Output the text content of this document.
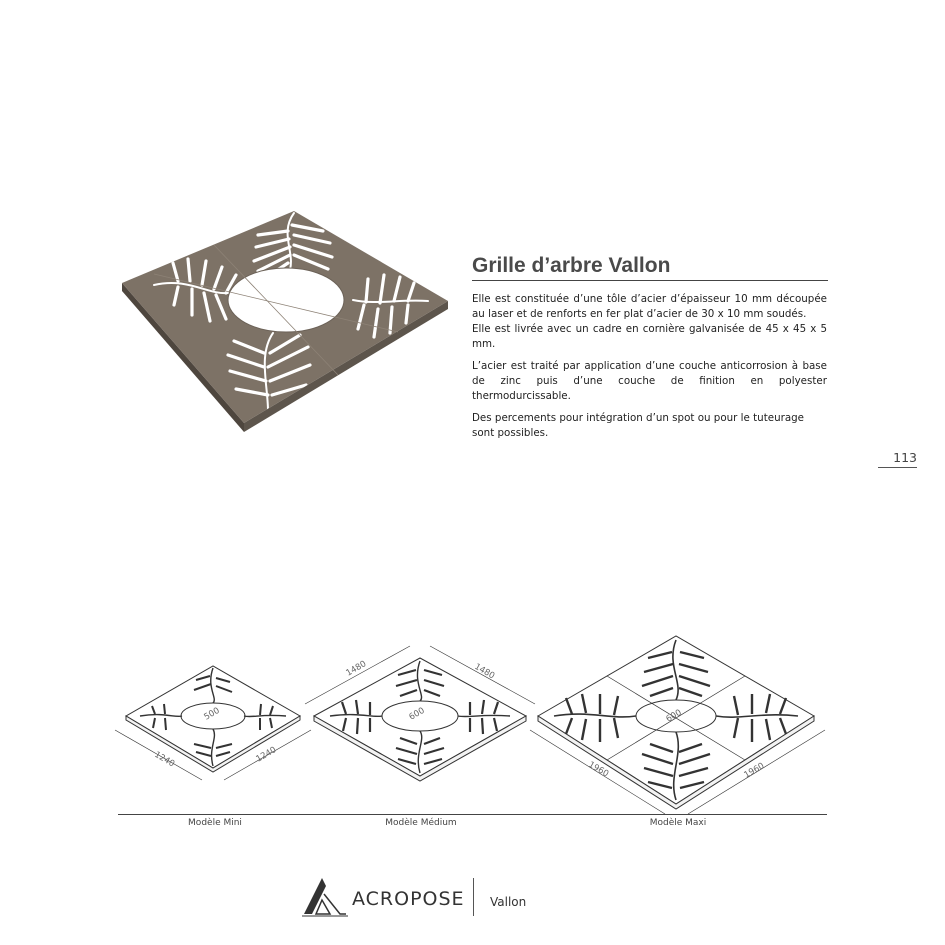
Grille d’arbre Vallon

Elle est constituée d’une tôle d’acier d’épaisseur 10 mm découpée au laser et de renforts en fer plat d’acier de 30 x 10 mm soudés.

Elle est livrée avec un cadre en cornière galvanisée de 45 x 45 x 5 mm.

L’acier est traité par application d’une couche anticorrosion à base de zinc puis d’une couche de finition en polyester thermodurcissable.

Des percements pour intégration d’un spot ou pour le tuteurage sont possibles.

113
500
1240	1240
600
1480	1480
600
1960	1960
Modèle Mini	Modèle Médium	Modèle Maxi
ACROPOSE Vallon
